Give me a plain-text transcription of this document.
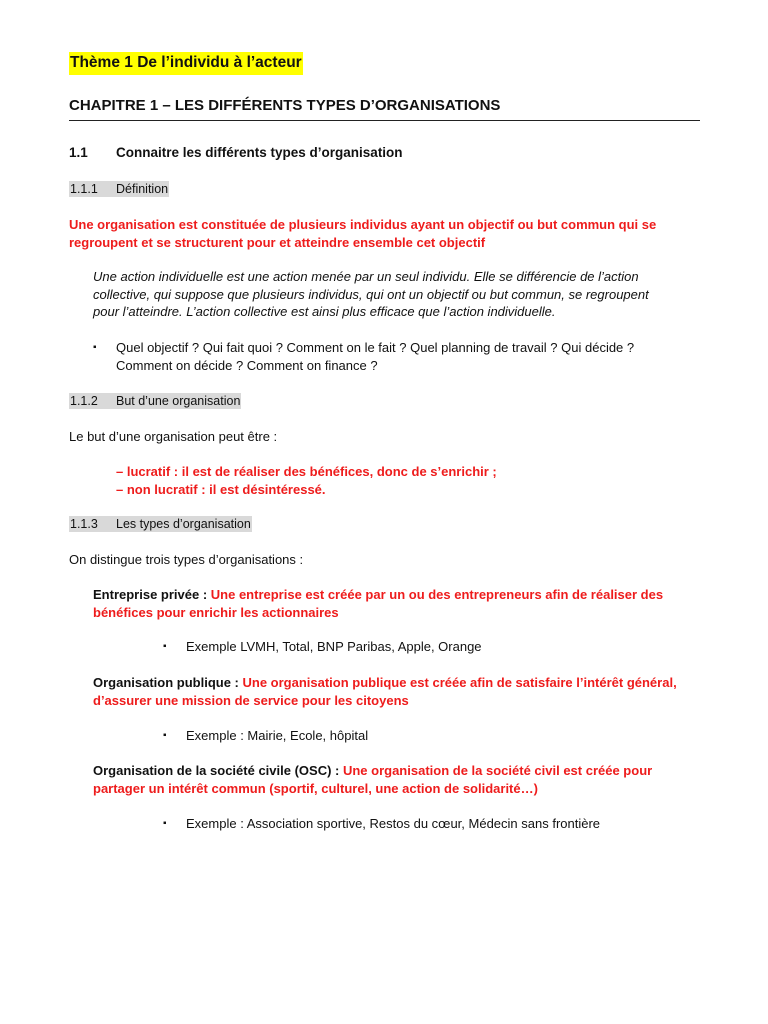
Thème 1 De l’individu à l’acteur
CHAPITRE 1 – LES DIFFÉRENTS TYPES D’ORGANISATIONS
1.1 Connaitre les différents types d’organisation
1.1.1 Définition
Une organisation est constituée de plusieurs individus ayant un objectif ou but commun qui se
regroupent et se structurent pour et atteindre ensemble cet objectif
Une action individuelle est une action menée par un seul individu. Elle se différencie de l’action
collective, qui suppose que plusieurs individus, qui ont un objectif ou but commun, se regroupent
pour l’atteindre. L’action collective est ainsi plus efficace que l’action individuelle.
▪ Quel objectif ? Qui fait quoi ? Comment on le fait ? Quel planning de travail ? Qui décide ?
Comment on décide ? Comment on finance ?
1.1.2 But d’une organisation
Le but d’une organisation peut être :
– lucratif : il est de réaliser des bénéfices, donc de s’enrichir ;
– non lucratif : il est désintéressé.
1.1.3 Les types d’organisation
On distingue trois types d’organisations :
Entreprise privée : Une entreprise est créée par un ou des entrepreneurs afin de réaliser des
bénéfices pour enrichir les actionnaires
▪ Exemple LVMH, Total, BNP Paribas, Apple, Orange
Organisation publique : Une organisation publique est créée afin de satisfaire l’intérêt général,
d’assurer une mission de service pour les citoyens
▪ Exemple : Mairie, Ecole, hôpital
Organisation de la société civile (OSC) : Une organisation de la société civil est créée pour
partager un intérêt commun (sportif, culturel, une action de solidarité…)
▪ Exemple : Association sportive, Restos du cœur, Médecin sans frontière
